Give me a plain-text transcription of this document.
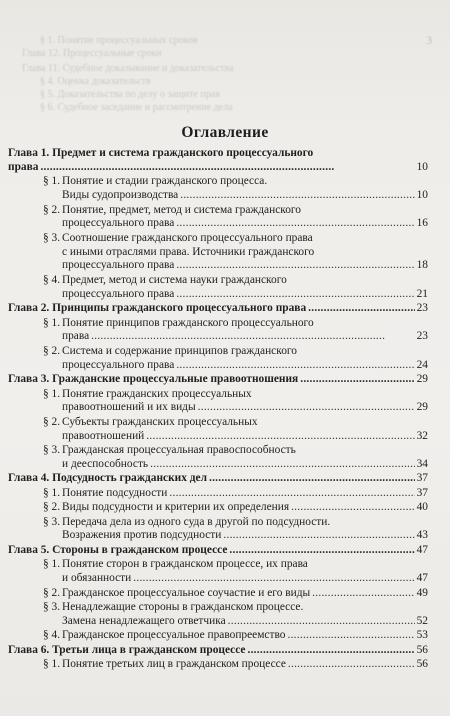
3
Глава 11. Судебное доказывание и доказательства
§ 4. Оценка доказательств
§ 5. Доказательства по делу о защите прав
§ 6. Судебное заседание и рассмотрение дела
Глава 12. Процессуальные сроки
§ 1. Понятие процессуальных сроков
Оглавление
Глава 1. Предмет и система гражданского процессуального
права . . .	10
§ 1. Понятие и стадии гражданского процесса.
Виды судопроизводства . . .	10
§ 2. Понятие, предмет, метод и система гражданского
процессуального права . . .	16
§ 3. Соотношение гражданского процессуального права
с иными отраслями права. Источники гражданского
процессуального права . . .	18
§ 4. Предмет, метод и система науки гражданского
процессуального права . . .	21
Глава 2. Принципы гражданского процессуального права . . .	23
§ 1. Понятие принципов гражданского процессуального
права . . .	23
§ 2. Система и содержание принципов гражданского
процессуального права . . .	24
Глава 3. Гражданские процессуальные правоотношения . . .	29
§ 1. Понятие гражданских процессуальных
правоотношений и их виды . . .	29
§ 2. Субъекты гражданских процессуальных
правоотношений . . .	32
§ 3. Гражданская процессуальная правоспособность
и дееспособность . . .	34
Глава 4. Подсудность гражданских дел . . .	37
§ 1. Понятие подсудности . . .	37
§ 2. Виды подсудности и критерии их определения . . .	40
§ 3. Передача дела из одного суда в другой по подсудности.
Возражения против подсудности . . .	43
Глава 5. Стороны в гражданском процессе . . .	47
§ 1. Понятие сторон в гражданском процессе, их права
и обязанности . . .	47
§ 2. Гражданское процессуальное соучастие и его виды . . .	49
§ 3. Ненадлежащие стороны в гражданском процессе.
Замена ненадлежащего ответчика . . .	52
§ 4. Гражданское процессуальное правопреемство . . .	53
Глава 6. Третьи лица в гражданском процессе . . .	56
§ 1. Понятие третьих лиц в гражданском процессе . . .	56
